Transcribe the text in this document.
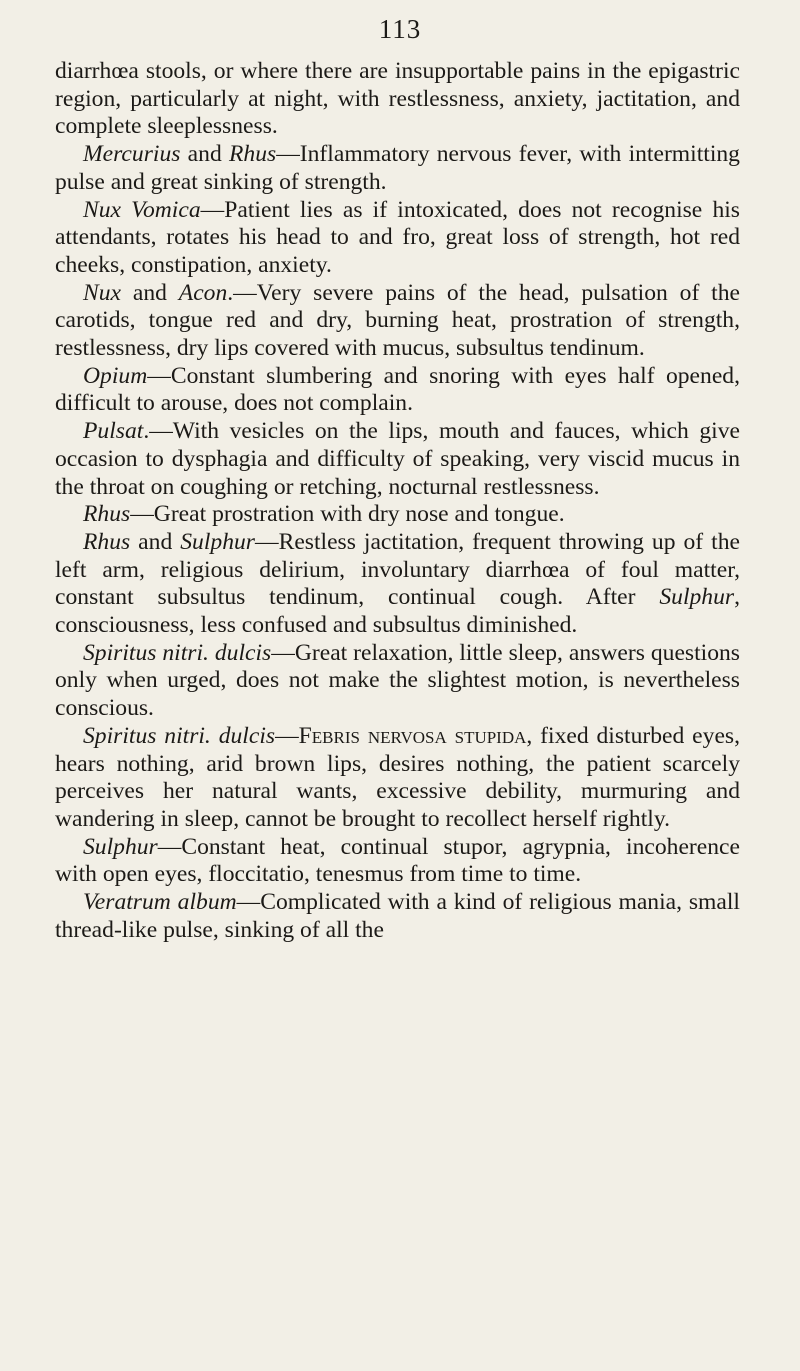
113

diarrhœa stools, or where there are insupportable pains in the epigastric region, particularly at night, with restlessness, anxiety, jactitation, and complete sleeplessness.

Mercurius and Rhus—Inflammatory nervous fever, with intermitting pulse and great sinking of strength.

Nux Vomica—Patient lies as if intoxicated, does not recognise his attendants, rotates his head to and fro, great loss of strength, hot red cheeks, constipation, anxiety.

Nux and Acon.—Very severe pains of the head, pulsation of the carotids, tongue red and dry, burning heat, prostration of strength, restlessness, dry lips covered with mucus, subsultus tendinum.

Opium—Constant slumbering and snoring with eyes half opened, difficult to arouse, does not complain.

Pulsat.—With vesicles on the lips, mouth and fauces, which give occasion to dysphagia and difficulty of speaking, very viscid mucus in the throat on coughing or retching, nocturnal restlessness.

Rhus—Great prostration with dry nose and tongue.

Rhus and Sulphur—Restless jactitation, frequent throwing up of the left arm, religious delirium, involuntary diarrhœa of foul matter, constant subsultus tendinum, continual cough. After Sulphur, consciousness, less confused and subsultus diminished.

Spiritus nitri. dulcis—Great relaxation, little sleep, answers questions only when urged, does not make the slightest motion, is nevertheless conscious.

Spiritus nitri. dulcis—Febris nervosa stupida, fixed disturbed eyes, hears nothing, arid brown lips, desires nothing, the patient scarcely perceives her natural wants, excessive debility, murmuring and wandering in sleep, cannot be brought to recollect herself rightly.

Sulphur—Constant heat, continual stupor, agrypnia, incoherence with open eyes, floccitatio, tenesmus from time to time.

Veratrum album—Complicated with a kind of religious mania, small thread-like pulse, sinking of all the
